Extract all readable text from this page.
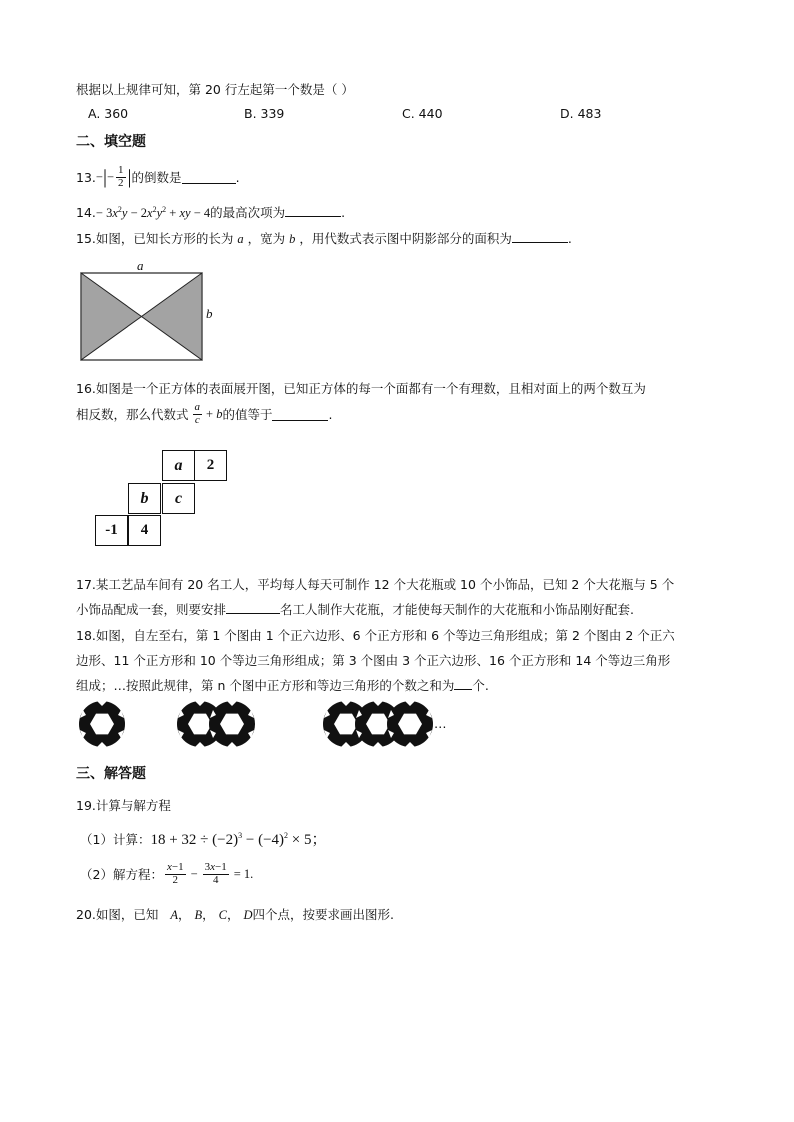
根据以上规律可知，第 20 行左起第一个数是（ ）
A. 360	B. 339	C. 440	D. 483
二、填空题
13. − | − $\frac{1}{2}$ | 的倒数是	.
$14.- 3x^2y - 2x^2y^2$ + xy − 4的最高次项为	.
15.如图，已知长方形的长为 a ，宽为 b ，用代数式表示图中阴影部分的面积为	.
a
b
16.如图是一个正方体的表面展开图，已知正方体的每一个面都有一个有理数，且相对面上的两个数互为
相反数，那么代数式 $\frac{a}{c} + b$ 的值等于	.
a	2
b	c
-1	4
17.某工艺品车间有 20 名工人，平均每人每天可制作 12 个大花瓶或 10 个小饰品，已知 2 个大花瓶与 5 个
小饰品配成一套，则要安排	名工人制作大花瓶，才能使每天制作的大花瓶和小饰品刚好配套.
18.如图，自左至右，第 1 个图由 1 个正六边形、6 个正方形和 6 个等边三角形组成；第 2 个图由 2 个正六
边形、11 个正方形和 10 个等边三角形组成；第 3 个图由 3 个正六边形、16 个正方形和 14 个等边三角形
组成；…按照此规律，第 n 个图中正方形和等边三角形的个数之和为 个.
…
三、解答题
19.计算与解方程
（1）计算：$18 + 32 \div (-2)^3 - (-4)^2 \times 5$；
（2）解方程： $\frac{x-1}{2} - \frac{3x-1}{4} = 1$.
20.如图，已知 A， B， C， D四个点，按要求画出图形.
